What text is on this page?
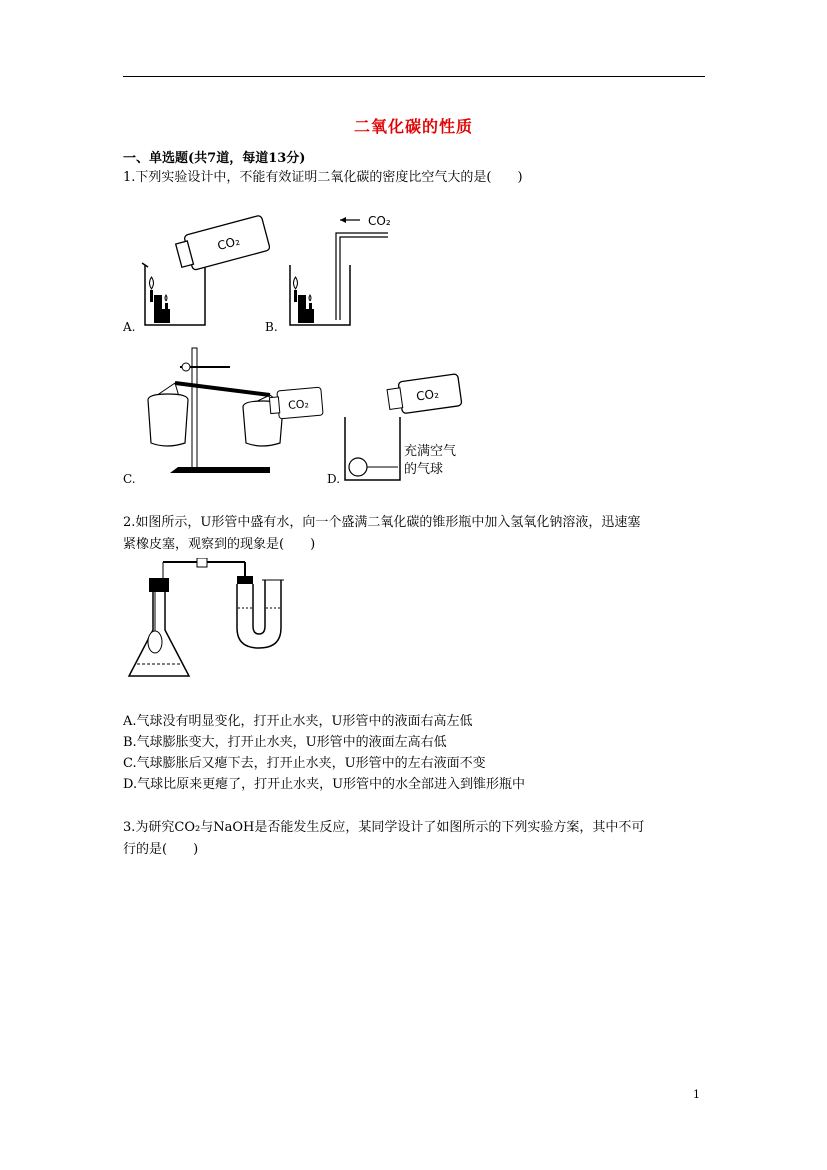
二氧化碳的性质
一、单选题(共7道，每道13分)
1.下列实验设计中，不能有效证明二氧化碳的密度比空气大的是(　　)
CO₂
A.
CO₂
B.
CO₂
C.
CO₂
充满空气
的气球
D.
2.如图所示，U形管中盛有水，向一个盛满二氧化碳的锥形瓶中加入氢氧化钠溶液，迅速塞
紧橡皮塞，观察到的现象是(　　)
A.气球没有明显变化，打开止水夹，U形管中的液面右高左低
B.气球膨胀变大，打开止水夹，U形管中的液面左高右低
C.气球膨胀后又瘪下去，打开止水夹，U形管中的左右液面不变
D.气球比原来更瘪了，打开止水夹，U形管中的水全部进入到锥形瓶中
3.为研究CO₂与NaOH是否能发生反应，某同学设计了如图所示的下列实验方案，其中不可
行的是(　　)
1
